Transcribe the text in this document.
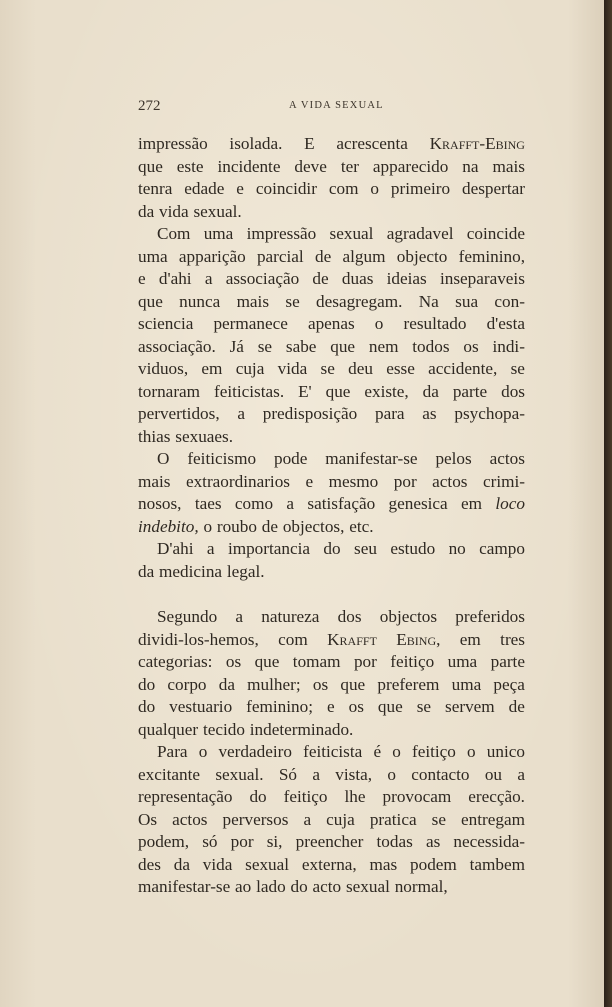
272	A VIDA SEXUAL
impressão isolada. E acrescenta Krafft-Ebing
que este incidente deve ter apparecido na mais
tenra edade e coincidir com o primeiro despertar
da vida sexual.
Com uma impressão sexual agradavel coincide
uma apparição parcial de algum objecto feminino,
e d'ahi a associação de duas ideias inseparaveis
que nunca mais se desagregam. Na sua con-
sciencia permanece apenas o resultado d'esta
associação. Já se sabe que nem todos os indi-
viduos, em cuja vida se deu esse accidente, se
tornaram feiticistas. E' que existe, da parte dos
pervertidos, a predisposição para as psychopa-
thias sexuaes.
O feiticismo pode manifestar-se pelos actos
mais extraordinarios e mesmo por actos crimi-
nosos, taes como a satisfação genesica em loco
indebito, o roubo de objectos, etc.
D'ahi a importancia do seu estudo no campo
da medicina legal.
Segundo a natureza dos objectos preferidos
dividi-los-hemos, com Krafft Ebing, em tres
categorias: os que tomam por feitiço uma parte
do corpo da mulher; os que preferem uma peça
do vestuario feminino; e os que se servem de
qualquer tecido indeterminado.
Para o verdadeiro feiticista é o feitiço o unico
excitante sexual. Só a vista, o contacto ou a
representação do feitiço lhe provocam erecção.
Os actos perversos a cuja pratica se entregam
podem, só por si, preencher todas as necessida-
des da vida sexual externa, mas podem tambem
manifestar-se ao lado do acto sexual normal,
